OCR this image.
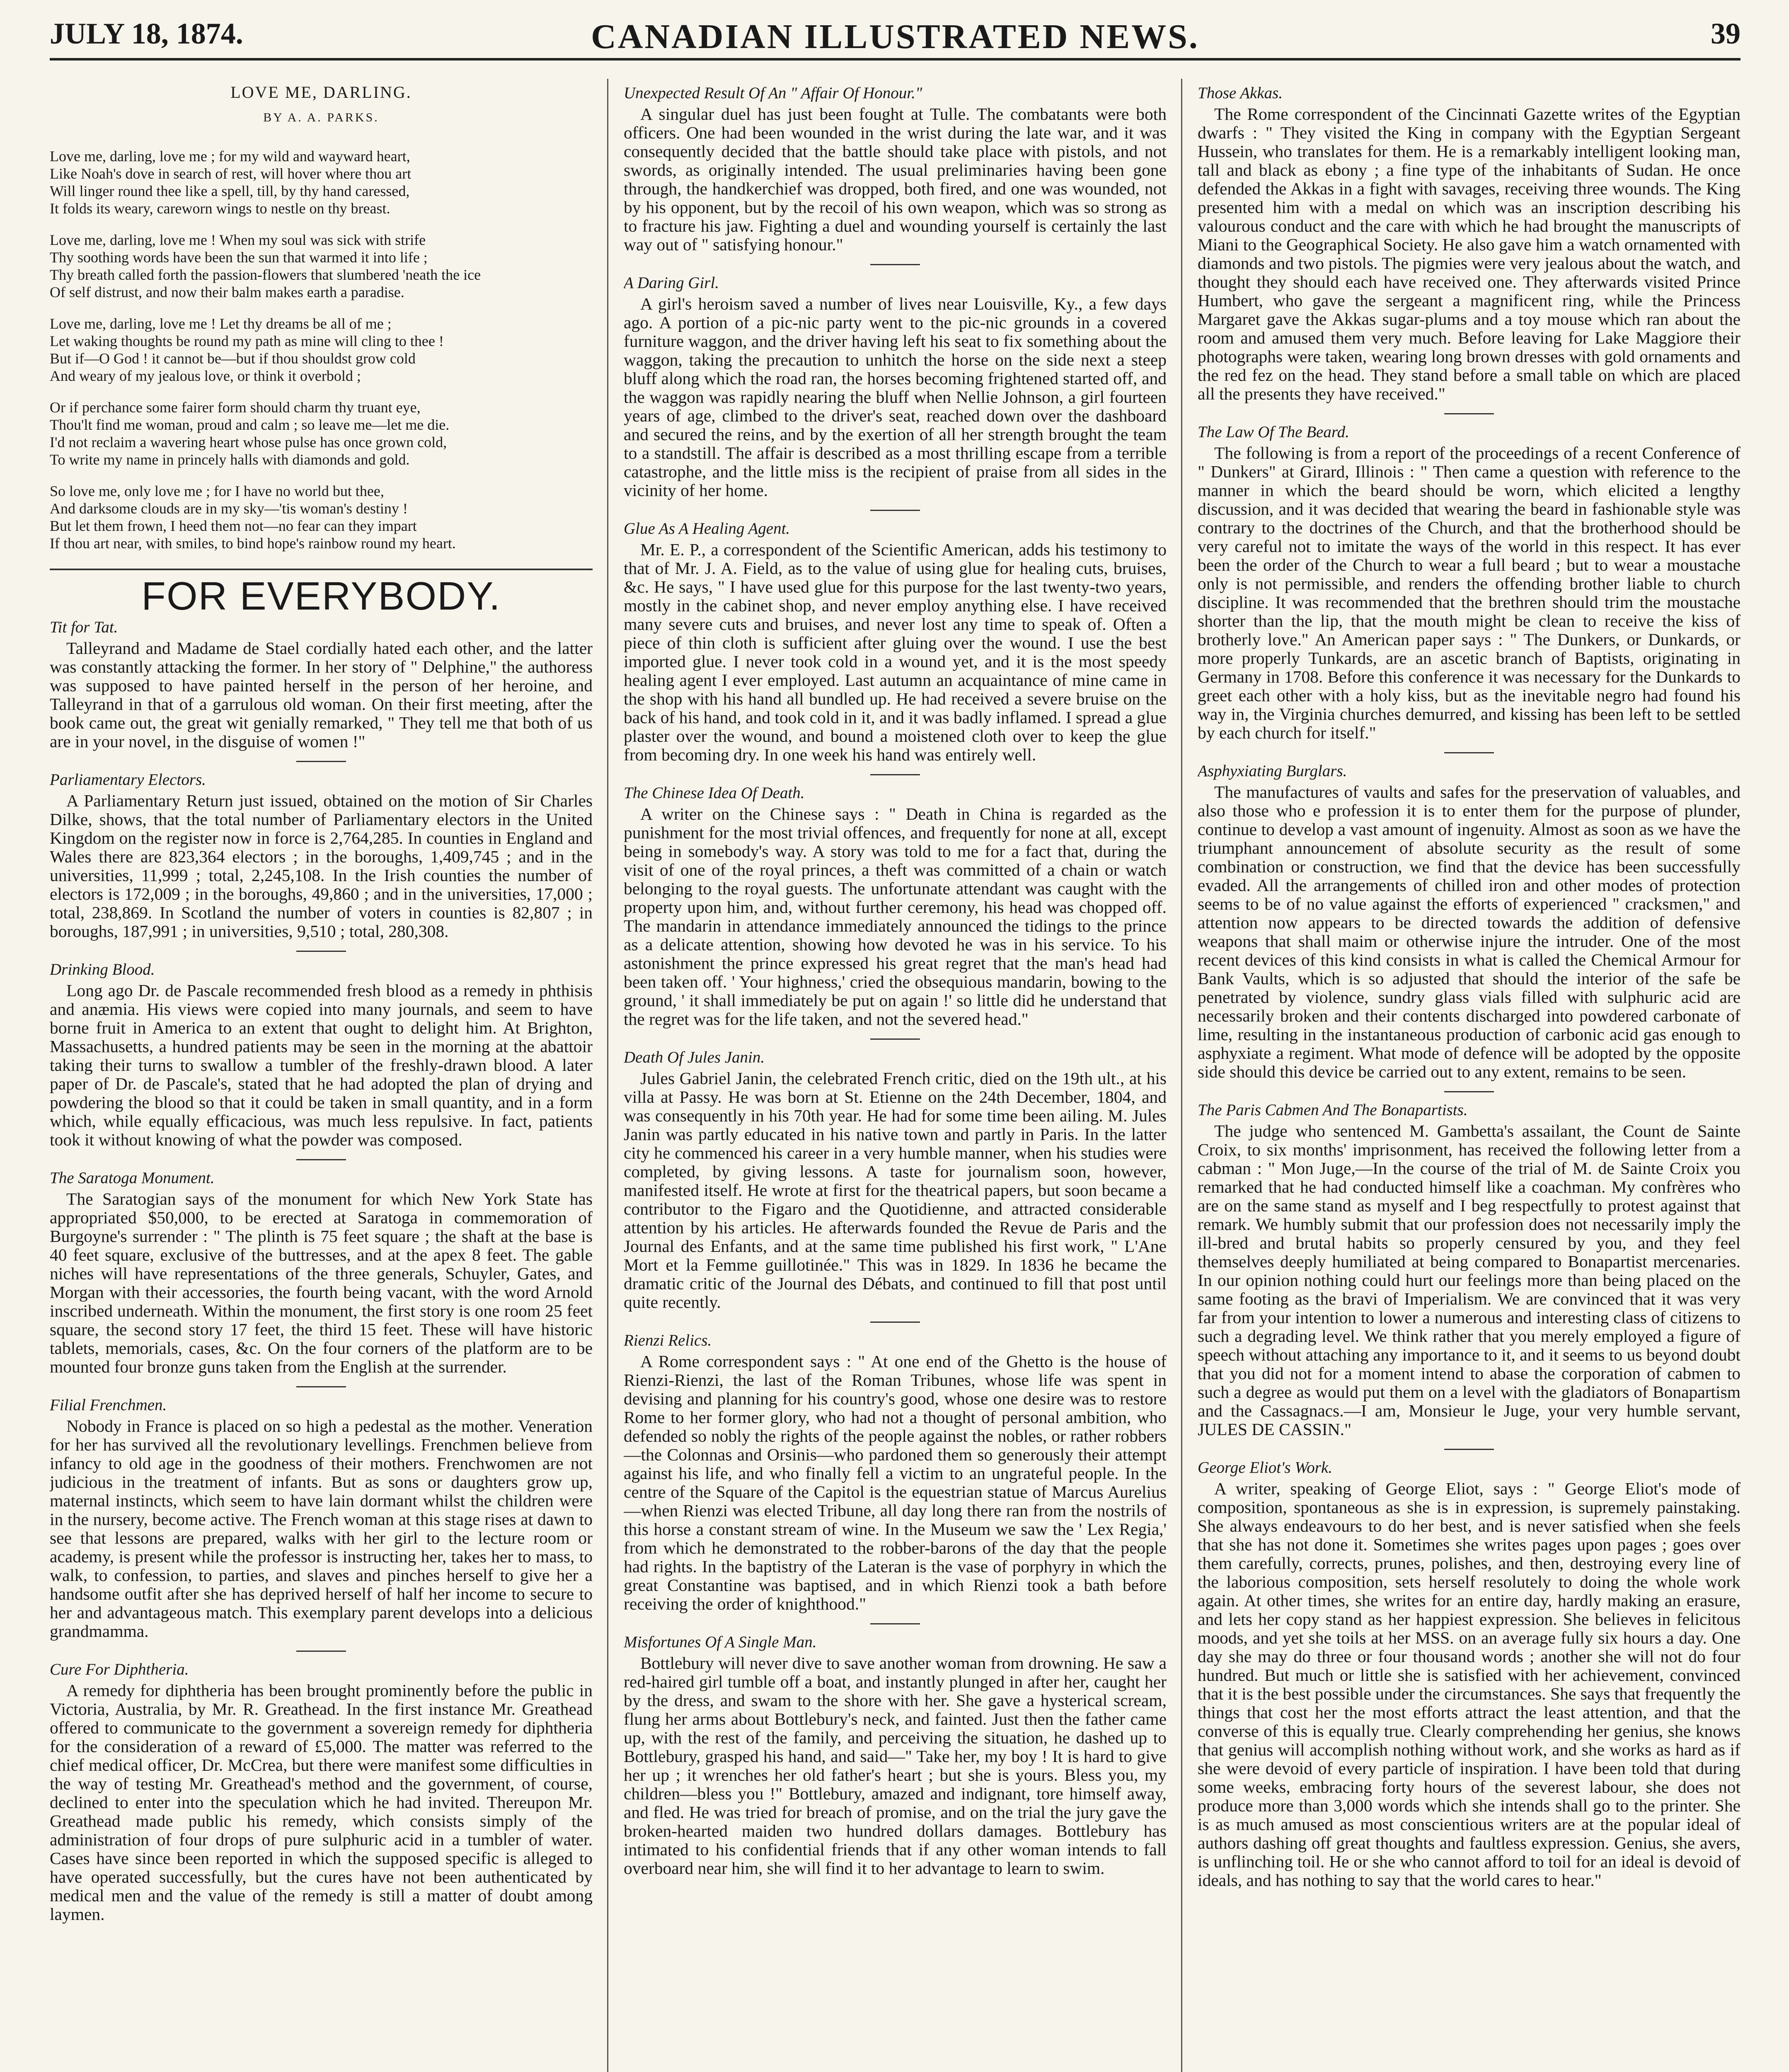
JULY 18, 1874.	CANADIAN ILLUSTRATED NEWS.	39
LOVE ME, DARLING.
BY A. A. PARKS.
Love me, darling, love me ; for my wild and wayward heart,
Like Noah's dove in search of rest, will hover where thou art
Will linger round thee like a spell, till, by thy hand caressed,
It folds its weary, careworn wings to nestle on thy breast.
Love me, darling, love me ! When my soul was sick with strife
Thy soothing words have been the sun that warmed it into life ;
Thy breath called forth the passion-flowers that slumbered 'neath the ice
Of self distrust, and now their balm makes earth a paradise.
Love me, darling, love me ! Let thy dreams be all of me ;
Let waking thoughts be round my path as mine will cling to thee !
But if—O God ! it cannot be—but if thou shouldst grow cold
And weary of my jealous love, or think it overbold ;
Or if perchance some fairer form should charm thy truant eye,
Thou'lt find me woman, proud and calm ; so leave me—let me die.
I'd not reclaim a wavering heart whose pulse has once grown cold,
To write my name in princely halls with diamonds and gold.
So love me, only love me ; for I have no world but thee,
And darksome clouds are in my sky—'tis woman's destiny !
But let them frown, I heed them not—no fear can they impart
If thou art near, with smiles, to bind hope's rainbow round my heart.
FOR EVERYBODY.
Tit for Tat.

Talleyrand and Madame de Stael cordially hated each other, and the latter was constantly attacking the former. In her story of " Delphine," the authoress was supposed to have painted herself in the person of her heroine, and Talleyrand in that of a garrulous old woman. On their first meeting, after the book came out, the great wit genially remarked, " They tell me that both of us are in your novel, in the disguise of women !"

Parliamentary Electors.

A Parliamentary Return just issued, obtained on the motion of Sir Charles Dilke, shows, that the total number of Parliamentary electors in the United Kingdom on the register now in force is 2,764,285. In counties in England and Wales there are 823,364 electors ; in the boroughs, 1,409,745 ; and in the universities, 11,999 ; total, 2,245,108. In the Irish counties the number of electors is 172,009 ; in the boroughs, 49,860 ; and in the universities, 17,000 ; total, 238,869. In Scotland the number of voters in counties is 82,807 ; in boroughs, 187,991 ; in universities, 9,510 ; total, 280,308.

Drinking Blood.

Long ago Dr. de Pascale recommended fresh blood as a remedy in phthisis and anæmia. His views were copied into many journals, and seem to have borne fruit in America to an extent that ought to delight him. At Brighton, Massachusetts, a hundred patients may be seen in the morning at the abattoir taking their turns to swallow a tumbler of the freshly-drawn blood. A later paper of Dr. de Pascale's, stated that he had adopted the plan of drying and powdering the blood so that it could be taken in small quantity, and in a form which, while equally efficacious, was much less repulsive. In fact, patients took it without knowing of what the powder was composed.

The Saratoga Monument.

The Saratogian says of the monument for which New York State has appropriated $50,000, to be erected at Saratoga in commemoration of Burgoyne's surrender : " The plinth is 75 feet square ; the shaft at the base is 40 feet square, exclusive of the buttresses, and at the apex 8 feet. The gable niches will have representations of the three generals, Schuyler, Gates, and Morgan with their accessories, the fourth being vacant, with the word Arnold inscribed underneath. Within the monument, the first story is one room 25 feet square, the second story 17 feet, the third 15 feet. These will have historic tablets, memorials, cases, &c. On the four corners of the platform are to be mounted four bronze guns taken from the English at the surrender.

Filial Frenchmen.

Nobody in France is placed on so high a pedestal as the mother. Veneration for her has survived all the revolutionary levellings. Frenchmen believe from infancy to old age in the goodness of their mothers. Frenchwomen are not judicious in the treatment of infants. But as sons or daughters grow up, maternal instincts, which seem to have lain dormant whilst the children were in the nursery, become active. The French woman at this stage rises at dawn to see that lessons are prepared, walks with her girl to the lecture room or academy, is present while the professor is instructing her, takes her to mass, to walk, to confession, to parties, and slaves and pinches herself to give her a handsome outfit after she has deprived herself of half her income to secure to her and advantageous match. This exemplary parent develops into a delicious grandmamma.

Cure For Diphtheria.

A remedy for diphtheria has been brought prominently before the public in Victoria, Australia, by Mr. R. Greathead. In the first instance Mr. Greathead offered to communicate to the government a sovereign remedy for diphtheria for the consideration of a reward of £5,000. The matter was referred to the chief medical officer, Dr. McCrea, but there were manifest some difficulties in the way of testing Mr. Greathead's method and the government, of course, declined to enter into the speculation which he had invited. Thereupon Mr. Greathead made public his remedy, which consists simply of the administration of four drops of pure sulphuric acid in a tumbler of water. Cases have since been reported in which the supposed specific is alleged to have operated successfully, but the cures have not been authenticated by medical men and the value of the remedy is still a matter of doubt among laymen.

Unexpected Result Of An " Affair Of Honour."

A singular duel has just been fought at Tulle. The combatants were both officers. One had been wounded in the wrist during the late war, and it was consequently decided that the battle should take place with pistols, and not swords, as originally intended. The usual preliminaries having been gone through, the handkerchief was dropped, both fired, and one was wounded, not by his opponent, but by the recoil of his own weapon, which was so strong as to fracture his jaw. Fighting a duel and wounding yourself is certainly the last way out of " satisfying honour."

A Daring Girl.

A girl's heroism saved a number of lives near Louisville, Ky., a few days ago. A portion of a pic-nic party went to the pic-nic grounds in a covered furniture waggon, and the driver having left his seat to fix something about the waggon, taking the precaution to unhitch the horse on the side next a steep bluff along which the road ran, the horses becoming frightened started off, and the waggon was rapidly nearing the bluff when Nellie Johnson, a girl fourteen years of age, climbed to the driver's seat, reached down over the dashboard and secured the reins, and by the exertion of all her strength brought the team to a standstill. The affair is described as a most thrilling escape from a terrible catastrophe, and the little miss is the recipient of praise from all sides in the vicinity of her home.

Glue As A Healing Agent.

Mr. E. P., a correspondent of the Scientific American, adds his testimony to that of Mr. J. A. Field, as to the value of using glue for healing cuts, bruises, &c. He says, " I have used glue for this purpose for the last twenty-two years, mostly in the cabinet shop, and never employ anything else. I have received many severe cuts and bruises, and never lost any time to speak of. Often a piece of thin cloth is sufficient after gluing over the wound. I use the best imported glue. I never took cold in a wound yet, and it is the most speedy healing agent I ever employed. Last autumn an acquaintance of mine came in the shop with his hand all bundled up. He had received a severe bruise on the back of his hand, and took cold in it, and it was badly inflamed. I spread a glue plaster over the wound, and bound a moistened cloth over to keep the glue from becoming dry. In one week his hand was entirely well.

The Chinese Idea Of Death.

A writer on the Chinese says : " Death in China is regarded as the punishment for the most trivial offences, and frequently for none at all, except being in somebody's way. A story was told to me for a fact that, during the visit of one of the royal princes, a theft was committed of a chain or watch belonging to the royal guests. The unfortunate attendant was caught with the property upon him, and, without further ceremony, his head was chopped off. The mandarin in attendance immediately announced the tidings to the prince as a delicate attention, showing how devoted he was in his service. To his astonishment the prince expressed his great regret that the man's head had been taken off. ' Your highness,' cried the obsequious mandarin, bowing to the ground, ' it shall immediately be put on again !' so little did he understand that the regret was for the life taken, and not the severed head."

Death Of Jules Janin.

Jules Gabriel Janin, the celebrated French critic, died on the 19th ult., at his villa at Passy. He was born at St. Etienne on the 24th December, 1804, and was consequently in his 70th year. He had for some time been ailing. M. Jules Janin was partly educated in his native town and partly in Paris. In the latter city he commenced his career in a very humble manner, when his studies were completed, by giving lessons. A taste for journalism soon, however, manifested itself. He wrote at first for the theatrical papers, but soon became a contributor to the Figaro and the Quotidienne, and attracted considerable attention by his articles. He afterwards founded the Revue de Paris and the Journal des Enfants, and at the same time published his first work, " L'Ane Mort et la Femme guillotinée." This was in 1829. In 1836 he became the dramatic critic of the Journal des Débats, and continued to fill that post until quite recently.

Rienzi Relics.

A Rome correspondent says : " At one end of the Ghetto is the house of Rienzi-Rienzi, the last of the Roman Tribunes, whose life was spent in devising and planning for his country's good, whose one desire was to restore Rome to her former glory, who had not a thought of personal ambition, who defended so nobly the rights of the people against the nobles, or rather robbers—the Colonnas and Orsinis—who pardoned them so generously their attempt against his life, and who finally fell a victim to an ungrateful people. In the centre of the Square of the Capitol is the equestrian statue of Marcus Aurelius—when Rienzi was elected Tribune, all day long there ran from the nostrils of this horse a constant stream of wine. In the Museum we saw the ' Lex Regia,' from which he demonstrated to the robber-barons of the day that the people had rights. In the baptistry of the Lateran is the vase of porphyry in which the great Constantine was baptised, and in which Rienzi took a bath before receiving the order of knighthood."

Misfortunes Of A Single Man.

Bottlebury will never dive to save another woman from drowning. He saw a red-haired girl tumble off a boat, and instantly plunged in after her, caught her by the dress, and swam to the shore with her. She gave a hysterical scream, flung her arms about Bottlebury's neck, and fainted. Just then the father came up, with the rest of the family, and perceiving the situation, he dashed up to Bottlebury, grasped his hand, and said—" Take her, my boy ! It is hard to give her up ; it wrenches her old father's heart ; but she is yours. Bless you, my children—bless you !" Bottlebury, amazed and indignant, tore himself away, and fled. He was tried for breach of promise, and on the trial the jury gave the broken-hearted maiden two hundred dollars damages. Bottlebury has intimated to his confidential friends that if any other woman intends to fall overboard near him, she will find it to her advantage to learn to swim.

Those Akkas.

The Rome correspondent of the Cincinnati Gazette writes of the Egyptian dwarfs : " They visited the King in company with the Egyptian Sergeant Hussein, who translates for them. He is a remarkably intelligent looking man, tall and black as ebony ; a fine type of the inhabitants of Sudan. He once defended the Akkas in a fight with savages, receiving three wounds. The King presented him with a medal on which was an inscription describing his valourous conduct and the care with which he had brought the manuscripts of Miani to the Geographical Society. He also gave him a watch ornamented with diamonds and two pistols. The pigmies were very jealous about the watch, and thought they should each have received one. They afterwards visited Prince Humbert, who gave the sergeant a magnificent ring, while the Princess Margaret gave the Akkas sugar-plums and a toy mouse which ran about the room and amused them very much. Before leaving for Lake Maggiore their photographs were taken, wearing long brown dresses with gold ornaments and the red fez on the head. They stand before a small table on which are placed all the presents they have received."

The Law Of The Beard.

The following is from a report of the proceedings of a recent Conference of " Dunkers" at Girard, Illinois : " Then came a question with reference to the manner in which the beard should be worn, which elicited a lengthy discussion, and it was decided that wearing the beard in fashionable style was contrary to the doctrines of the Church, and that the brotherhood should be very careful not to imitate the ways of the world in this respect. It has ever been the order of the Church to wear a full beard ; but to wear a moustache only is not permissible, and renders the offending brother liable to church discipline. It was recommended that the brethren should trim the moustache shorter than the lip, that the mouth might be clean to receive the kiss of brotherly love." An American paper says : " The Dunkers, or Dunkards, or more properly Tunkards, are an ascetic branch of Baptists, originating in Germany in 1708. Before this conference it was necessary for the Dunkards to greet each other with a holy kiss, but as the inevitable negro had found his way in, the Virginia churches demurred, and kissing has been left to be settled by each church for itself."

Asphyxiating Burglars.

The manufactures of vaults and safes for the preservation of valuables, and also those who e profession it is to enter them for the purpose of plunder, continue to develop a vast amount of ingenuity. Almost as soon as we have the triumphant announcement of absolute security as the result of some combination or construction, we find that the device has been successfully evaded. All the arrangements of chilled iron and other modes of protection seems to be of no value against the efforts of experienced " cracksmen," and attention now appears to be directed towards the addition of defensive weapons that shall maim or otherwise injure the intruder. One of the most recent devices of this kind consists in what is called the Chemical Armour for Bank Vaults, which is so adjusted that should the interior of the safe be penetrated by violence, sundry glass vials filled with sulphuric acid are necessarily broken and their contents discharged into powdered carbonate of lime, resulting in the instantaneous production of carbonic acid gas enough to asphyxiate a regiment. What mode of defence will be adopted by the opposite side should this device be carried out to any extent, remains to be seen.

The Paris Cabmen And The Bonapartists.

The judge who sentenced M. Gambetta's assailant, the Count de Sainte Croix, to six months' imprisonment, has received the following letter from a cabman : " Mon Juge,—In the course of the trial of M. de Sainte Croix you remarked that he had conducted himself like a coachman. My confrères who are on the same stand as myself and I beg respectfully to protest against that remark. We humbly submit that our profession does not necessarily imply the ill-bred and brutal habits so properly censured by you, and they feel themselves deeply humiliated at being compared to Bonapartist mercenaries. In our opinion nothing could hurt our feelings more than being placed on the same footing as the bravi of Imperialism. We are convinced that it was very far from your intention to lower a numerous and interesting class of citizens to such a degrading level. We think rather that you merely employed a figure of speech without attaching any importance to it, and it seems to us beyond doubt that you did not for a moment intend to abase the corporation of cabmen to such a degree as would put them on a level with the gladiators of Bonapartism and the Cassagnacs.—I am, Monsieur le Juge, your very humble servant, JULES DE CASSIN."

George Eliot's Work.

A writer, speaking of George Eliot, says : " George Eliot's mode of composition, spontaneous as she is in expression, is supremely painstaking. She always endeavours to do her best, and is never satisfied when she feels that she has not done it. Sometimes she writes pages upon pages ; goes over them carefully, corrects, prunes, polishes, and then, destroying every line of the laborious composition, sets herself resolutely to doing the whole work again. At other times, she writes for an entire day, hardly making an erasure, and lets her copy stand as her happiest expression. She believes in felicitous moods, and yet she toils at her MSS. on an average fully six hours a day. One day she may do three or four thousand words ; another she will not do four hundred. But much or little she is satisfied with her achievement, convinced that it is the best possible under the circumstances. She says that frequently the things that cost her the most efforts attract the least attention, and that the converse of this is equally true. Clearly comprehending her genius, she knows that genius will accomplish nothing without work, and she works as hard as if she were devoid of every particle of inspiration. I have been told that during some weeks, embracing forty hours of the severest labour, she does not produce more than 3,000 words which she intends shall go to the printer. She is as much amused as most conscientious writers are at the popular ideal of authors dashing off great thoughts and faultless expression. Genius, she avers, is unflinching toil. He or she who cannot afford to toil for an ideal is devoid of ideals, and has nothing to say that the world cares to hear."
